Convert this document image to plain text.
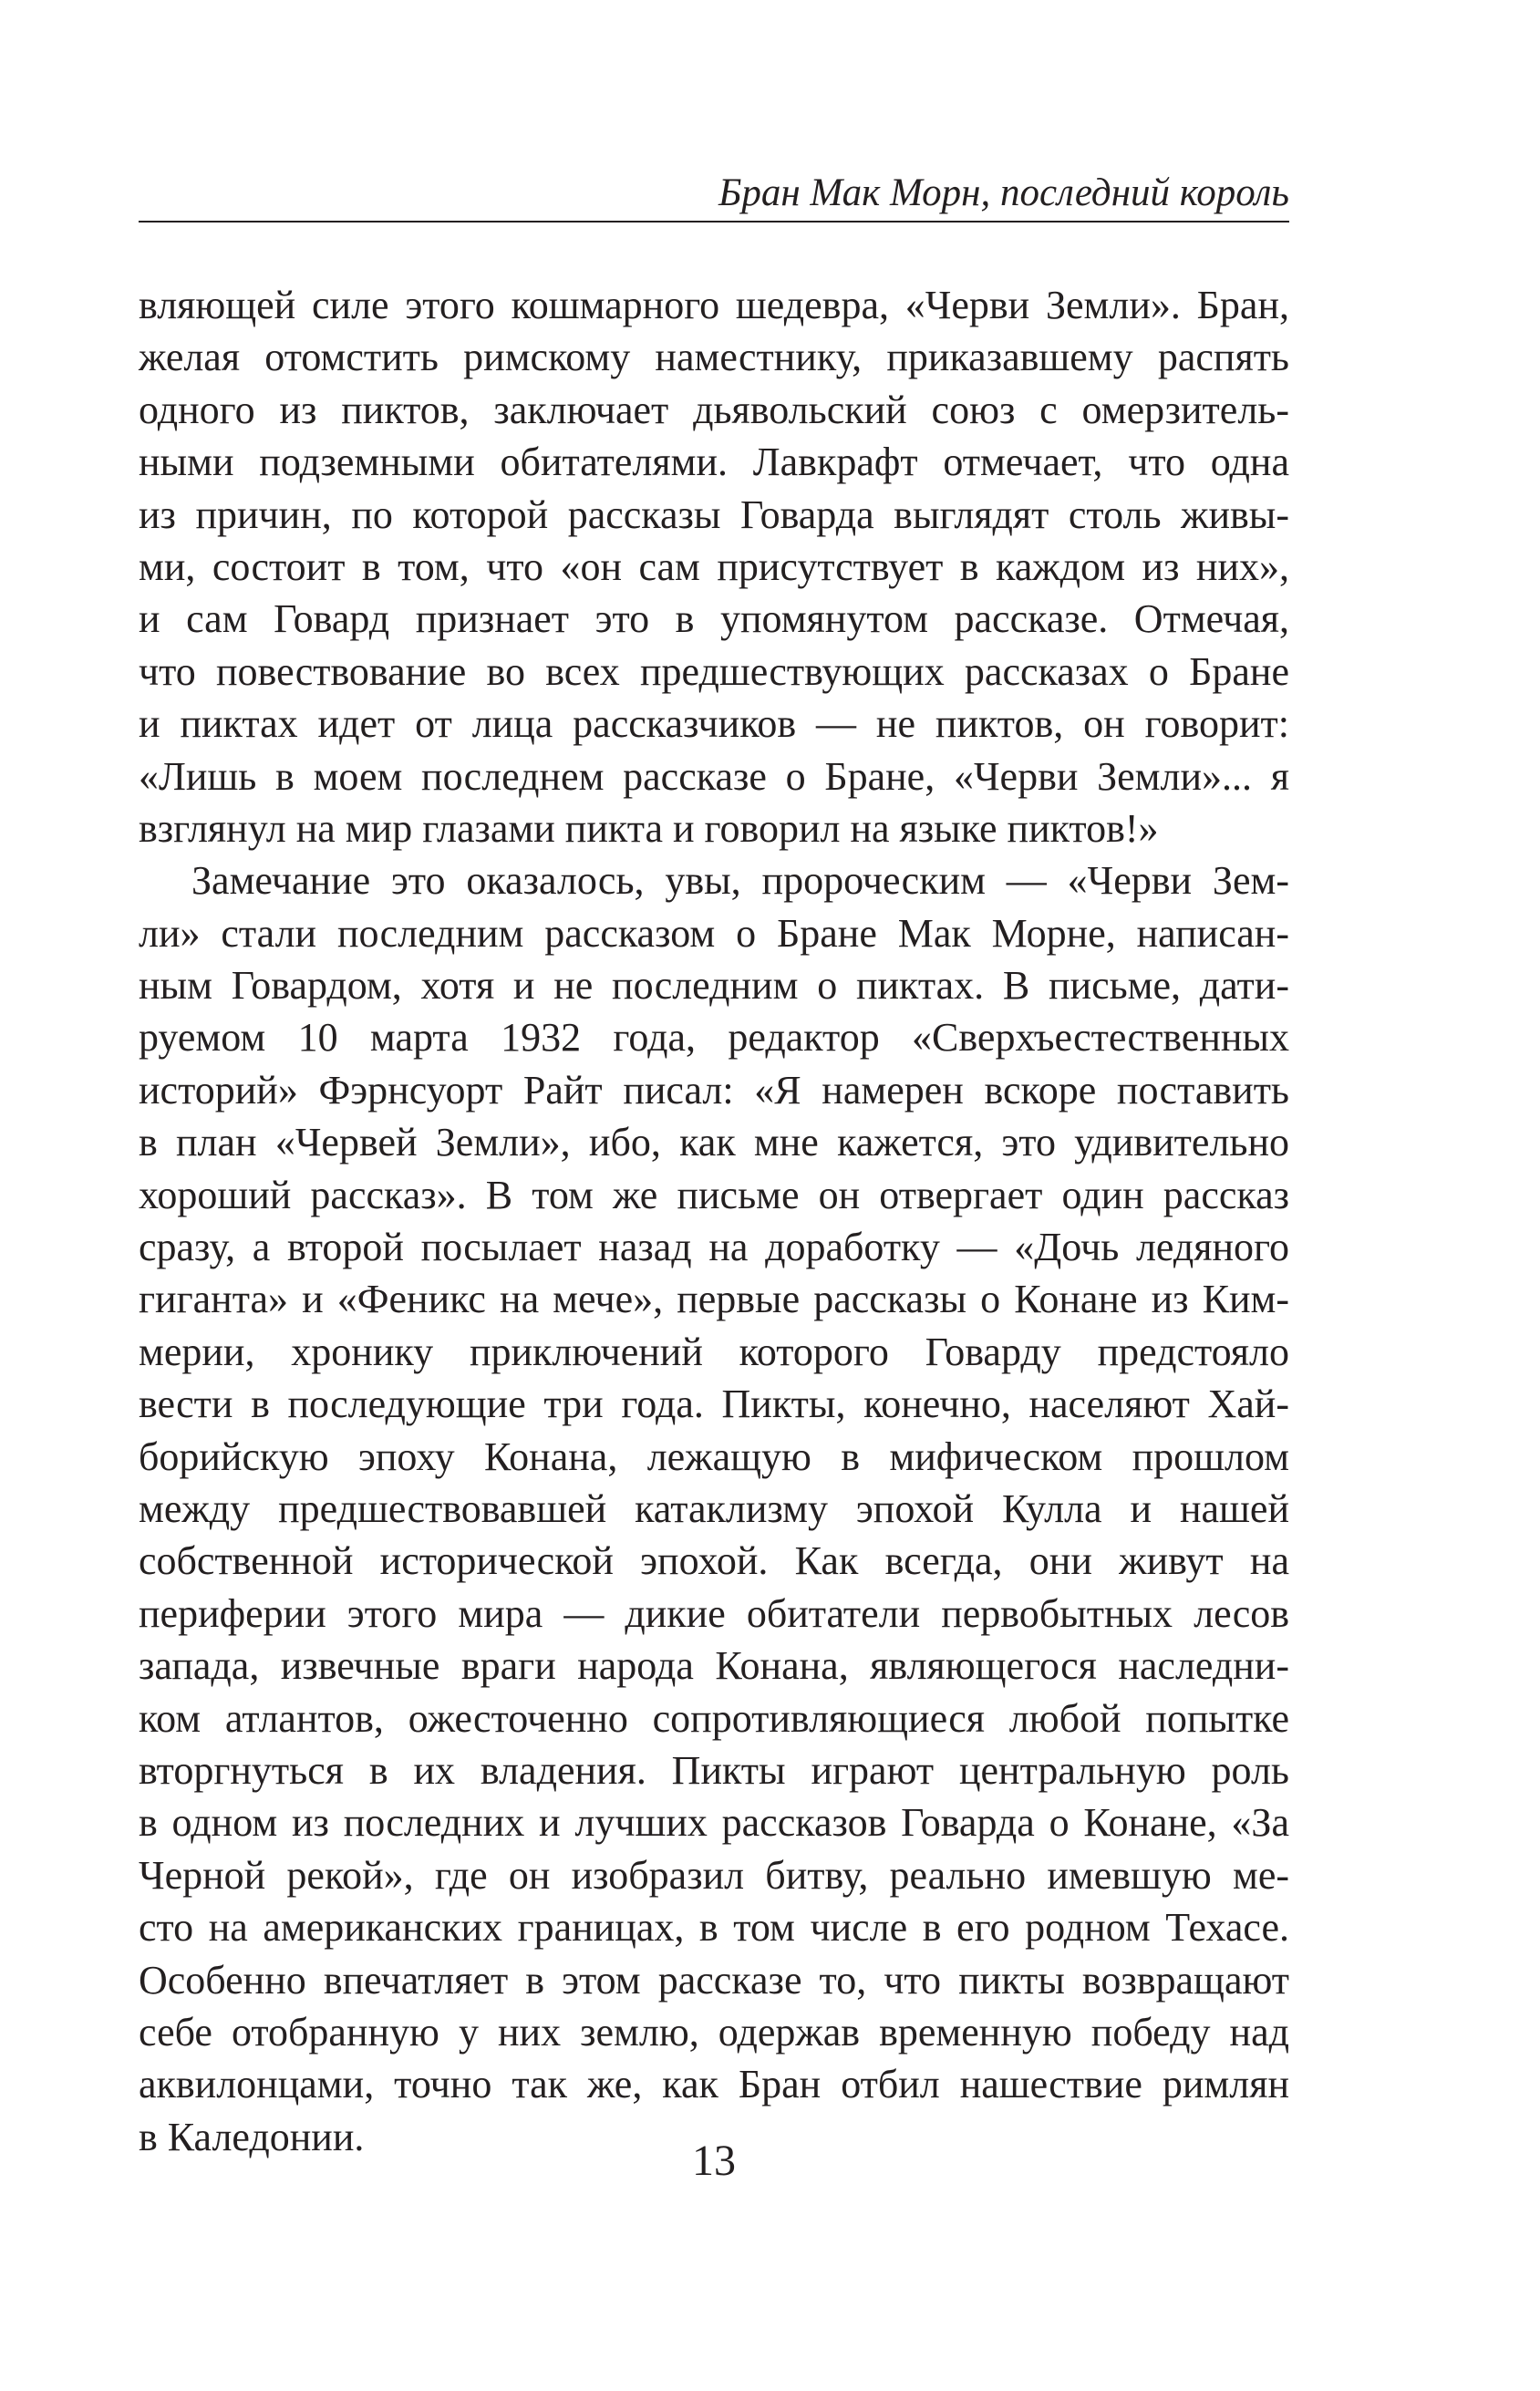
Бран Мак Морн, последний король
вляющей силе этого кошмарного шедевра, «Черви Земли». Бран,
желая отомстить римскому наместнику, приказавшему распять
одного из пиктов, заключает дьявольский союз с омерзитель-
ными подземными обитателями. Лавкрафт отмечает, что одна
из причин, по которой рассказы Говарда выглядят столь живы-
ми, состоит в том, что «он сам присутствует в каждом из них»,
и сам Говард признает это в упомянутом рассказе. Отмечая,
что повествование во всех предшествующих рассказах о Бране
и пиктах идет от лица рассказчиков — не пиктов, он говорит:
«Лишь в моем последнем рассказе о Бране, «Черви Земли»... я
взглянул на мир глазами пикта и говорил на языке пиктов!»
Замечание это оказалось, увы, пророческим — «Черви Зем-
ли» стали последним рассказом о Бране Мак Морне, написан-
ным Говардом, хотя и не последним о пиктах. В письме, дати-
руемом 10 марта 1932 года, редактор «Сверхъестественных
историй» Фэрнсуорт Райт писал: «Я намерен вскоре поставить
в план «Червей Земли», ибо, как мне кажется, это удивительно
хороший рассказ». В том же письме он отвергает один рассказ
сразу, а второй посылает назад на доработку — «Дочь ледяного
гиганта» и «Феникс на мече», первые рассказы о Конане из Ким-
мерии, хронику приключений которого Говарду предстояло
вести в последующие три года. Пикты, конечно, населяют Хай-
борийскую эпоху Конана, лежащую в мифическом прошлом
между предшествовавшей катаклизму эпохой Кулла и нашей
собственной исторической эпохой. Как всегда, они живут на
периферии этого мира — дикие обитатели первобытных лесов
запада, извечные враги народа Конана, являющегося наследни-
ком атлантов, ожесточенно сопротивляющиеся любой попытке
вторгнуться в их владения. Пикты играют центральную роль
в одном из последних и лучших рассказов Говарда о Конане, «За
Черной рекой», где он изобразил битву, реально имевшую ме-
сто на американских границах, в том числе в его родном Техасе.
Особенно впечатляет в этом рассказе то, что пикты возвращают
себе отобранную у них землю, одержав временную победу над
аквилонцами, точно так же, как Бран отбил нашествие римлян
в Каледонии.	13
